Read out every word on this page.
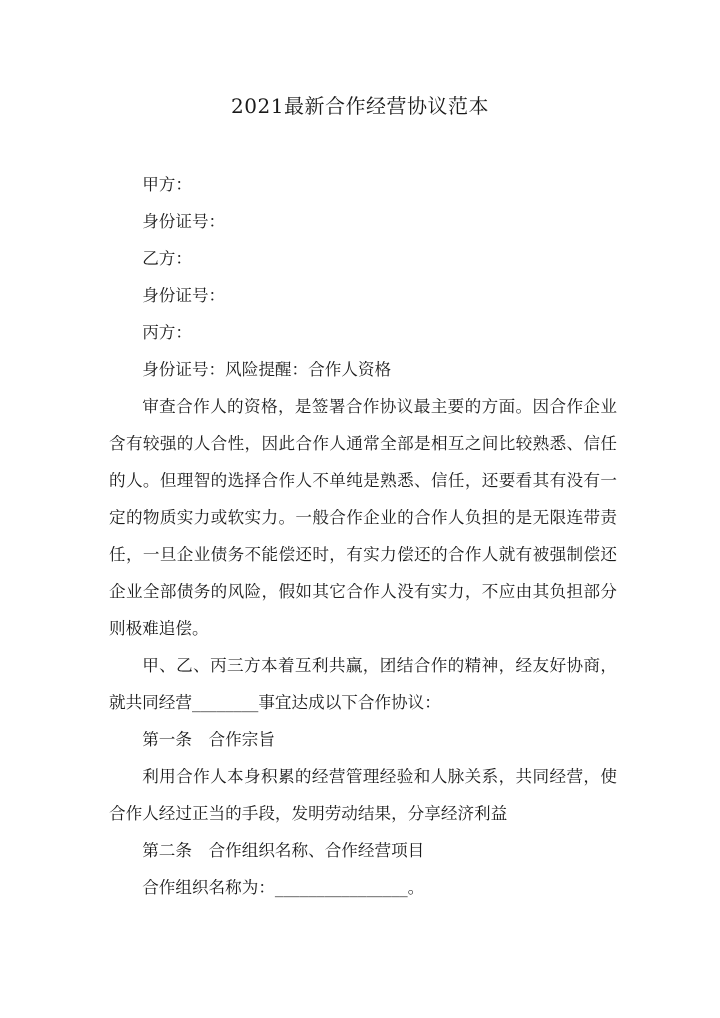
2021最新合作经营协议范本

甲方：

身份证号：

乙方：

身份证号：

丙方：

身份证号：风险提醒：合作人资格

审查合作人的资格，是签署合作协议最主要的方面。因合作企业含有较强的人合性，因此合作人通常全部是相互之间比较熟悉、信任的人。但理智的选择合作人不单纯是熟悉、信任，还要看其有没有一定的物质实力或软实力。一般合作企业的合作人负担的是无限连带责任，一旦企业债务不能偿还时，有实力偿还的合作人就有被强制偿还企业全部债务的风险，假如其它合作人没有实力，不应由其负担部分则极难追偿。

甲、乙、丙三方本着互利共赢，团结合作的精神，经友好协商，就共同经营________事宜达成以下合作协议：

第一条　合作宗旨

利用合作人本身积累的经营管理经验和人脉关系，共同经营，使合作人经过正当的手段，发明劳动结果，分享经济利益

第二条　合作组织名称、合作经营项目

合作组织名称为：________________。
